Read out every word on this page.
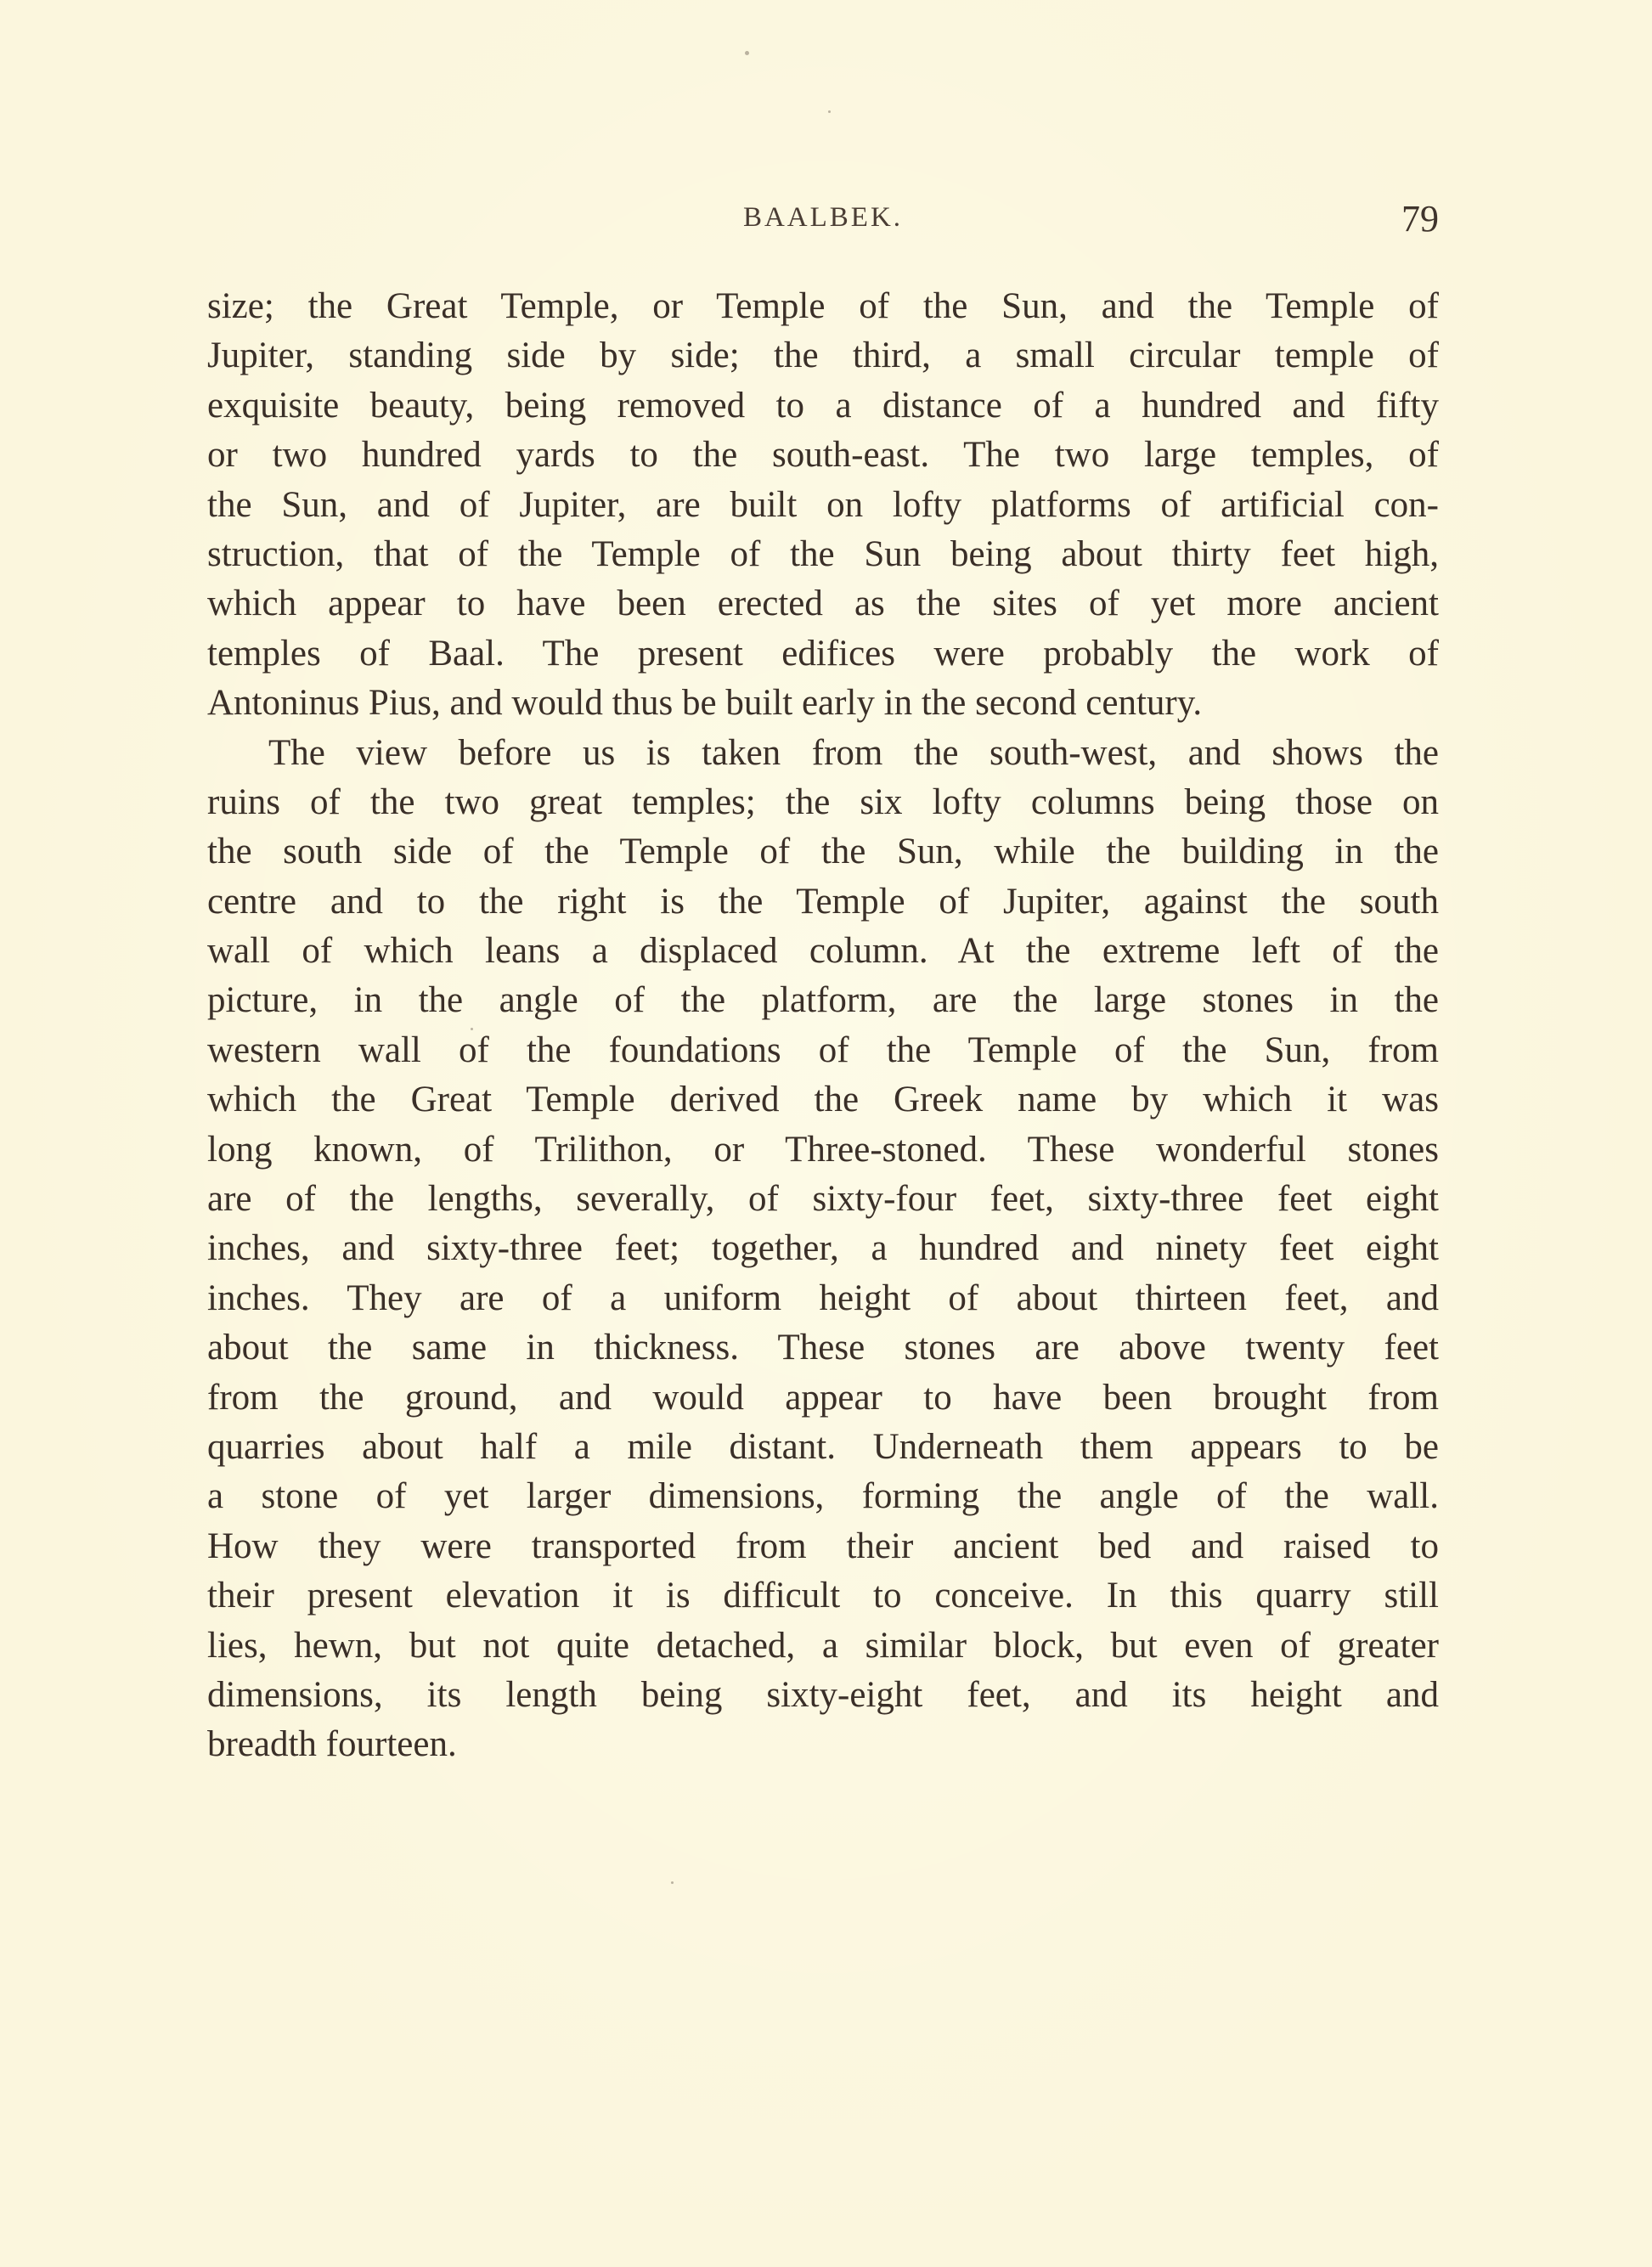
BAALBEK.	79
size; the Great Temple, or Temple of the Sun, and the Temple of
Jupiter, standing side by side; the third, a small circular temple of
exquisite beauty, being removed to a distance of a hundred and fifty
or two hundred yards to the south-east. The two large temples, of
the Sun, and of Jupiter, are built on lofty platforms of artificial con-
struction, that of the Temple of the Sun being about thirty feet high,
which appear to have been erected as the sites of yet more ancient
temples of Baal. The present edifices were probably the work of
Antoninus Pius, and would thus be built early in the second century.
The view before us is taken from the south-west, and shows the
ruins of the two great temples; the six lofty columns being those on
the south side of the Temple of the Sun, while the building in the
centre and to the right is the Temple of Jupiter, against the south
wall of which leans a displaced column. At the extreme left of the
picture, in the angle of the platform, are the large stones in the
western wall of the foundations of the Temple of the Sun, from
which the Great Temple derived the Greek name by which it was
long known, of Trilithon, or Three-stoned. These wonderful stones
are of the lengths, severally, of sixty-four feet, sixty-three feet eight
inches, and sixty-three feet; together, a hundred and ninety feet eight
inches. They are of a uniform height of about thirteen feet, and
about the same in thickness. These stones are above twenty feet
from the ground, and would appear to have been brought from
quarries about half a mile distant. Underneath them appears to be
a stone of yet larger dimensions, forming the angle of the wall.
How they were transported from their ancient bed and raised to
their present elevation it is difficult to conceive. In this quarry still
lies, hewn, but not quite detached, a similar block, but even of greater
dimensions, its length being sixty-eight feet, and its height and
breadth fourteen.
